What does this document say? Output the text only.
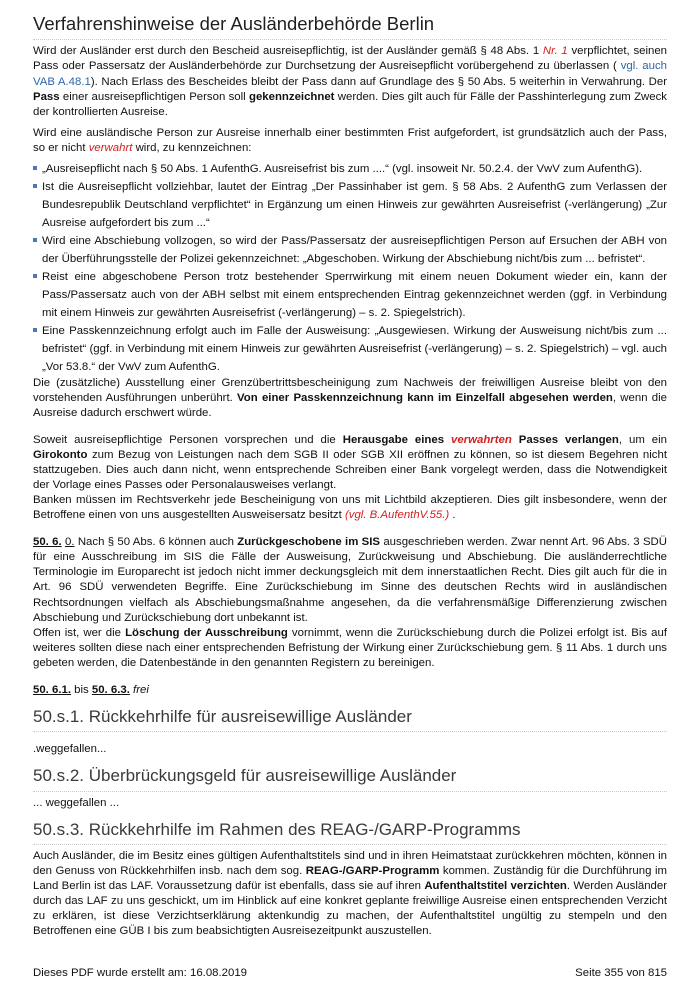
Verfahrenshinweise der Ausländerbehörde Berlin

Wird der Ausländer erst durch den Bescheid ausreisepflichtig, ist der Ausländer gemäß § 48 Abs. 1 Nr. 1 verpflichtet, seinen Pass oder Passersatz der Ausländerbehörde zur Durchsetzung der Ausreisepflicht vorübergehend zu überlassen ( vgl. auch VAB A.48.1). Nach Erlass des Bescheides bleibt der Pass dann auf Grundlage des § 50 Abs. 5 weiterhin in Verwahrung. Der Pass einer ausreisepflichtigen Person soll gekennzeichnet werden. Dies gilt auch für Fälle der Passhinterlegung zum Zweck der kontrollierten Ausreise.

Wird eine ausländische Person zur Ausreise innerhalb einer bestimmten Frist aufgefordert, ist grundsätzlich auch der Pass, so er nicht verwahrt wird, zu kennzeichnen:

„Ausreisepflicht nach § 50 Abs. 1 AufenthG. Ausreisefrist bis zum ....“ (vgl. insoweit Nr. 50.2.4. der VwV zum AufenthG).
Ist die Ausreisepflicht vollziehbar, lautet der Eintrag „Der Passinhaber ist gem. § 58 Abs. 2 AufenthG zum Verlassen der Bundesrepublik Deutschland verpflichtet“ in Ergänzung um einen Hinweis zur gewährten Ausreisefrist (-verlängerung) „Zur Ausreise aufgefordert bis zum ...“
Wird eine Abschiebung vollzogen, so wird der Pass/Passersatz der ausreisepflichtigen Person auf Ersuchen der ABH von der Überführungsstelle der Polizei gekennzeichnet: „Abgeschoben. Wirkung der Abschiebung nicht/bis zum ... befristet“.
Reist eine abgeschobene Person trotz bestehender Sperrwirkung mit einem neuen Dokument wieder ein, kann der Pass/Passersatz auch von der ABH selbst mit einem entsprechenden Eintrag gekennzeichnet werden (ggf. in Verbindung mit einem Hinweis zur gewährten Ausreisefrist (-verlängerung) – s. 2. Spiegelstrich).
Eine Passkennzeichnung erfolgt auch im Falle der Ausweisung: „Ausgewiesen. Wirkung der Ausweisung nicht/bis zum ... befristet“ (ggf. in Verbindung mit einem Hinweis zur gewährten Ausreisefrist (-verlängerung) – s. 2. Spiegelstrich) – vgl. auch „Vor 53.8.“ der VwV zum AufenthG.

Die (zusätzliche) Ausstellung einer Grenzübertrittsbescheinigung zum Nachweis der freiwilligen Ausreise bleibt von den vorstehenden Ausführungen unberührt. Von einer Passkennzeichnung kann im Einzelfall abgesehen werden, wenn die Ausreise dadurch erschwert würde.

Soweit ausreisepflichtige Personen vorsprechen und die Herausgabe eines verwahrten Passes verlangen, um ein Girokonto zum Bezug von Leistungen nach dem SGB II oder SGB XII eröffnen zu können, so ist diesem Begehren nicht stattzugeben. Dies auch dann nicht, wenn entsprechende Schreiben einer Bank vorgelegt werden, dass die Notwendigkeit der Vorlage eines Passes oder Personalausweises verlangt.

Banken müssen im Rechtsverkehr jede Bescheinigung von uns mit Lichtbild akzeptieren. Dies gilt insbesondere, wenn der Betroffene einen von uns ausgestellten Ausweisersatz besitzt (vgl. B.AufenthV.55.) .

50. 6. 0. Nach § 50 Abs. 6 können auch Zurückgeschobene im SIS ausgeschrieben werden. Zwar nennt Art. 96 Abs. 3 SDÜ für eine Ausschreibung im SIS die Fälle der Ausweisung, Zurückweisung und Abschiebung. Die ausländerrechtliche Terminologie im Europarecht ist jedoch nicht immer deckungsgleich mit dem innerstaatlichen Recht. Dies gilt auch für die in Art. 96 SDÜ verwendeten Begriffe. Eine Zurückschiebung im Sinne des deutschen Rechts wird in ausländischen Rechtsordnungen vielfach als Abschiebungsmaßnahme angesehen, da die verfahrensmäßige Differenzierung zwischen Abschiebung und Zurückschiebung dort unbekannt ist.

Offen ist, wer die Löschung der Ausschreibung vornimmt, wenn die Zurückschiebung durch die Polizei erfolgt ist. Bis auf weiteres sollten diese nach einer entsprechenden Befristung der Wirkung einer Zurückschiebung gem. § 11 Abs. 1 durch uns gebeten werden, die Datenbestände in den genannten Registern zu bereinigen.

50. 6.1. bis 50. 6.3. frei

50.s.1. Rückkehrhilfe für ausreisewillige Ausländer

.weggefallen...

50.s.2. Überbrückungsgeld für ausreisewillige Ausländer

... weggefallen ...

50.s.3. Rückkehrhilfe im Rahmen des REAG-/GARP-Programms

Auch Ausländer, die im Besitz eines gültigen Aufenthaltstitels sind und in ihren Heimatstaat zurückkehren möchten, können in den Genuss von Rückkehrhilfen insb. nach dem sog. REAG-/GARP-Programm kommen. Zuständig für die Durchführung im Land Berlin ist das LAF. Voraussetzung dafür ist ebenfalls, dass sie auf ihren Aufenthaltstitel verzichten. Werden Ausländer durch das LAF zu uns geschickt, um im Hinblick auf eine konkret geplante freiwillige Ausreise einen entsprechenden Verzicht zu erklären, ist diese Verzichtserklärung aktenkundig zu machen, der Aufenthaltstitel ungültig zu stempeln und den Betroffenen eine GÜB I bis zum beabsichtigten Ausreisezeitpunkt auszustellen.

Dieses PDF wurde erstellt am: 16.08.2019	Seite 355 von 815
